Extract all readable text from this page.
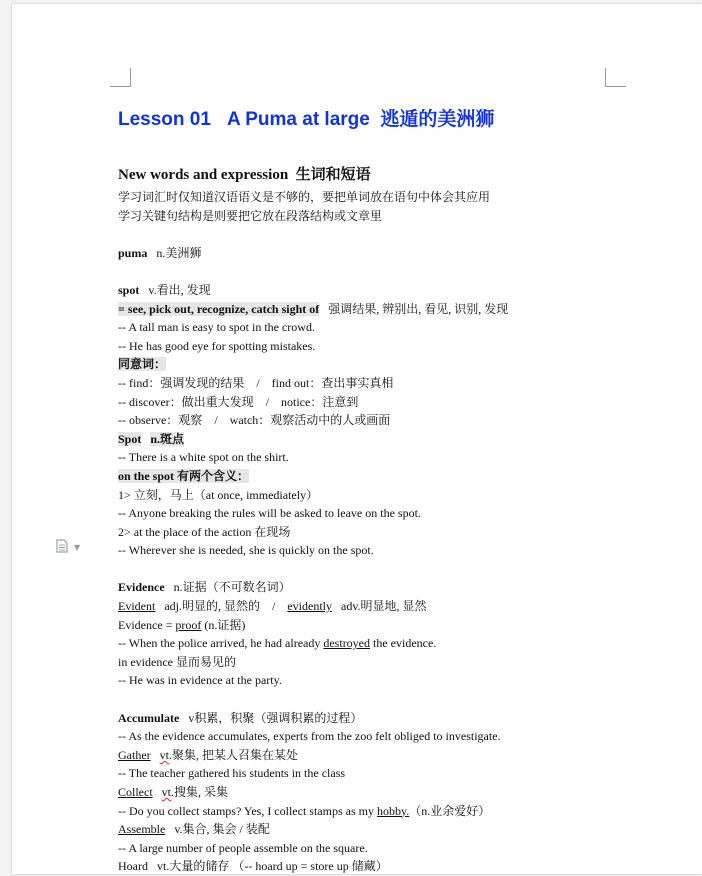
▼
Lesson 01 A Puma at large 逃遁的美洲狮
New words and expression 生词和短语
学习词汇时仅知道汉语语义是不够的，要把单词放在语句中体会其应用
学习关键句结构是则要把它放在段落结构或文章里
puma n.美洲狮
spot v.看出, 发现
= see, pick out, recognize, catch sight of 强调结果, 辨别出, 看见, 识别, 发现
-- A tall man is easy to spot in the crowd.
-- He has good eye for spotting mistakes.
同意词：
-- find：强调发现的结果    /    find out：查出事实真相
-- discover：做出重大发现    /    notice：注意到
-- observe：观察    /    watch：观察活动中的人或画面
Spot n.斑点
-- There is a white spot on the shirt.
on the spot 有两个含义：
1> 立刻，马上（at once, immediately）
-- Anyone breaking the rules will be asked to leave on the spot.
2> at the place of the action 在现场
-- Wherever she is needed, she is quickly on the spot.
Evidence n.证据（不可数名词）
Evident adj.明显的, 显然的    /    evidently adv.明显地, 显然
Evidence = proof (n.证据)
-- When the police arrived, he had already destroyed the evidence.
in evidence 显而易见的
-- He was in evidence at the party.
Accumulate v积累，积聚（强调积累的过程）
-- As the evidence accumulates, experts from the zoo felt obliged to investigate.
Gather vt.聚集, 把某人召集在某处
-- The teacher gathered his students in the class
Collect vt.搜集, 采集
-- Do you collect stamps? Yes, I collect stamps as my hobby.（n.业余爱好）
Assemble v.集合, 集会 / 装配
-- A large number of people assemble on the square.
Hoard vt.大量的储存 （-- hoard up = store up 储藏）
